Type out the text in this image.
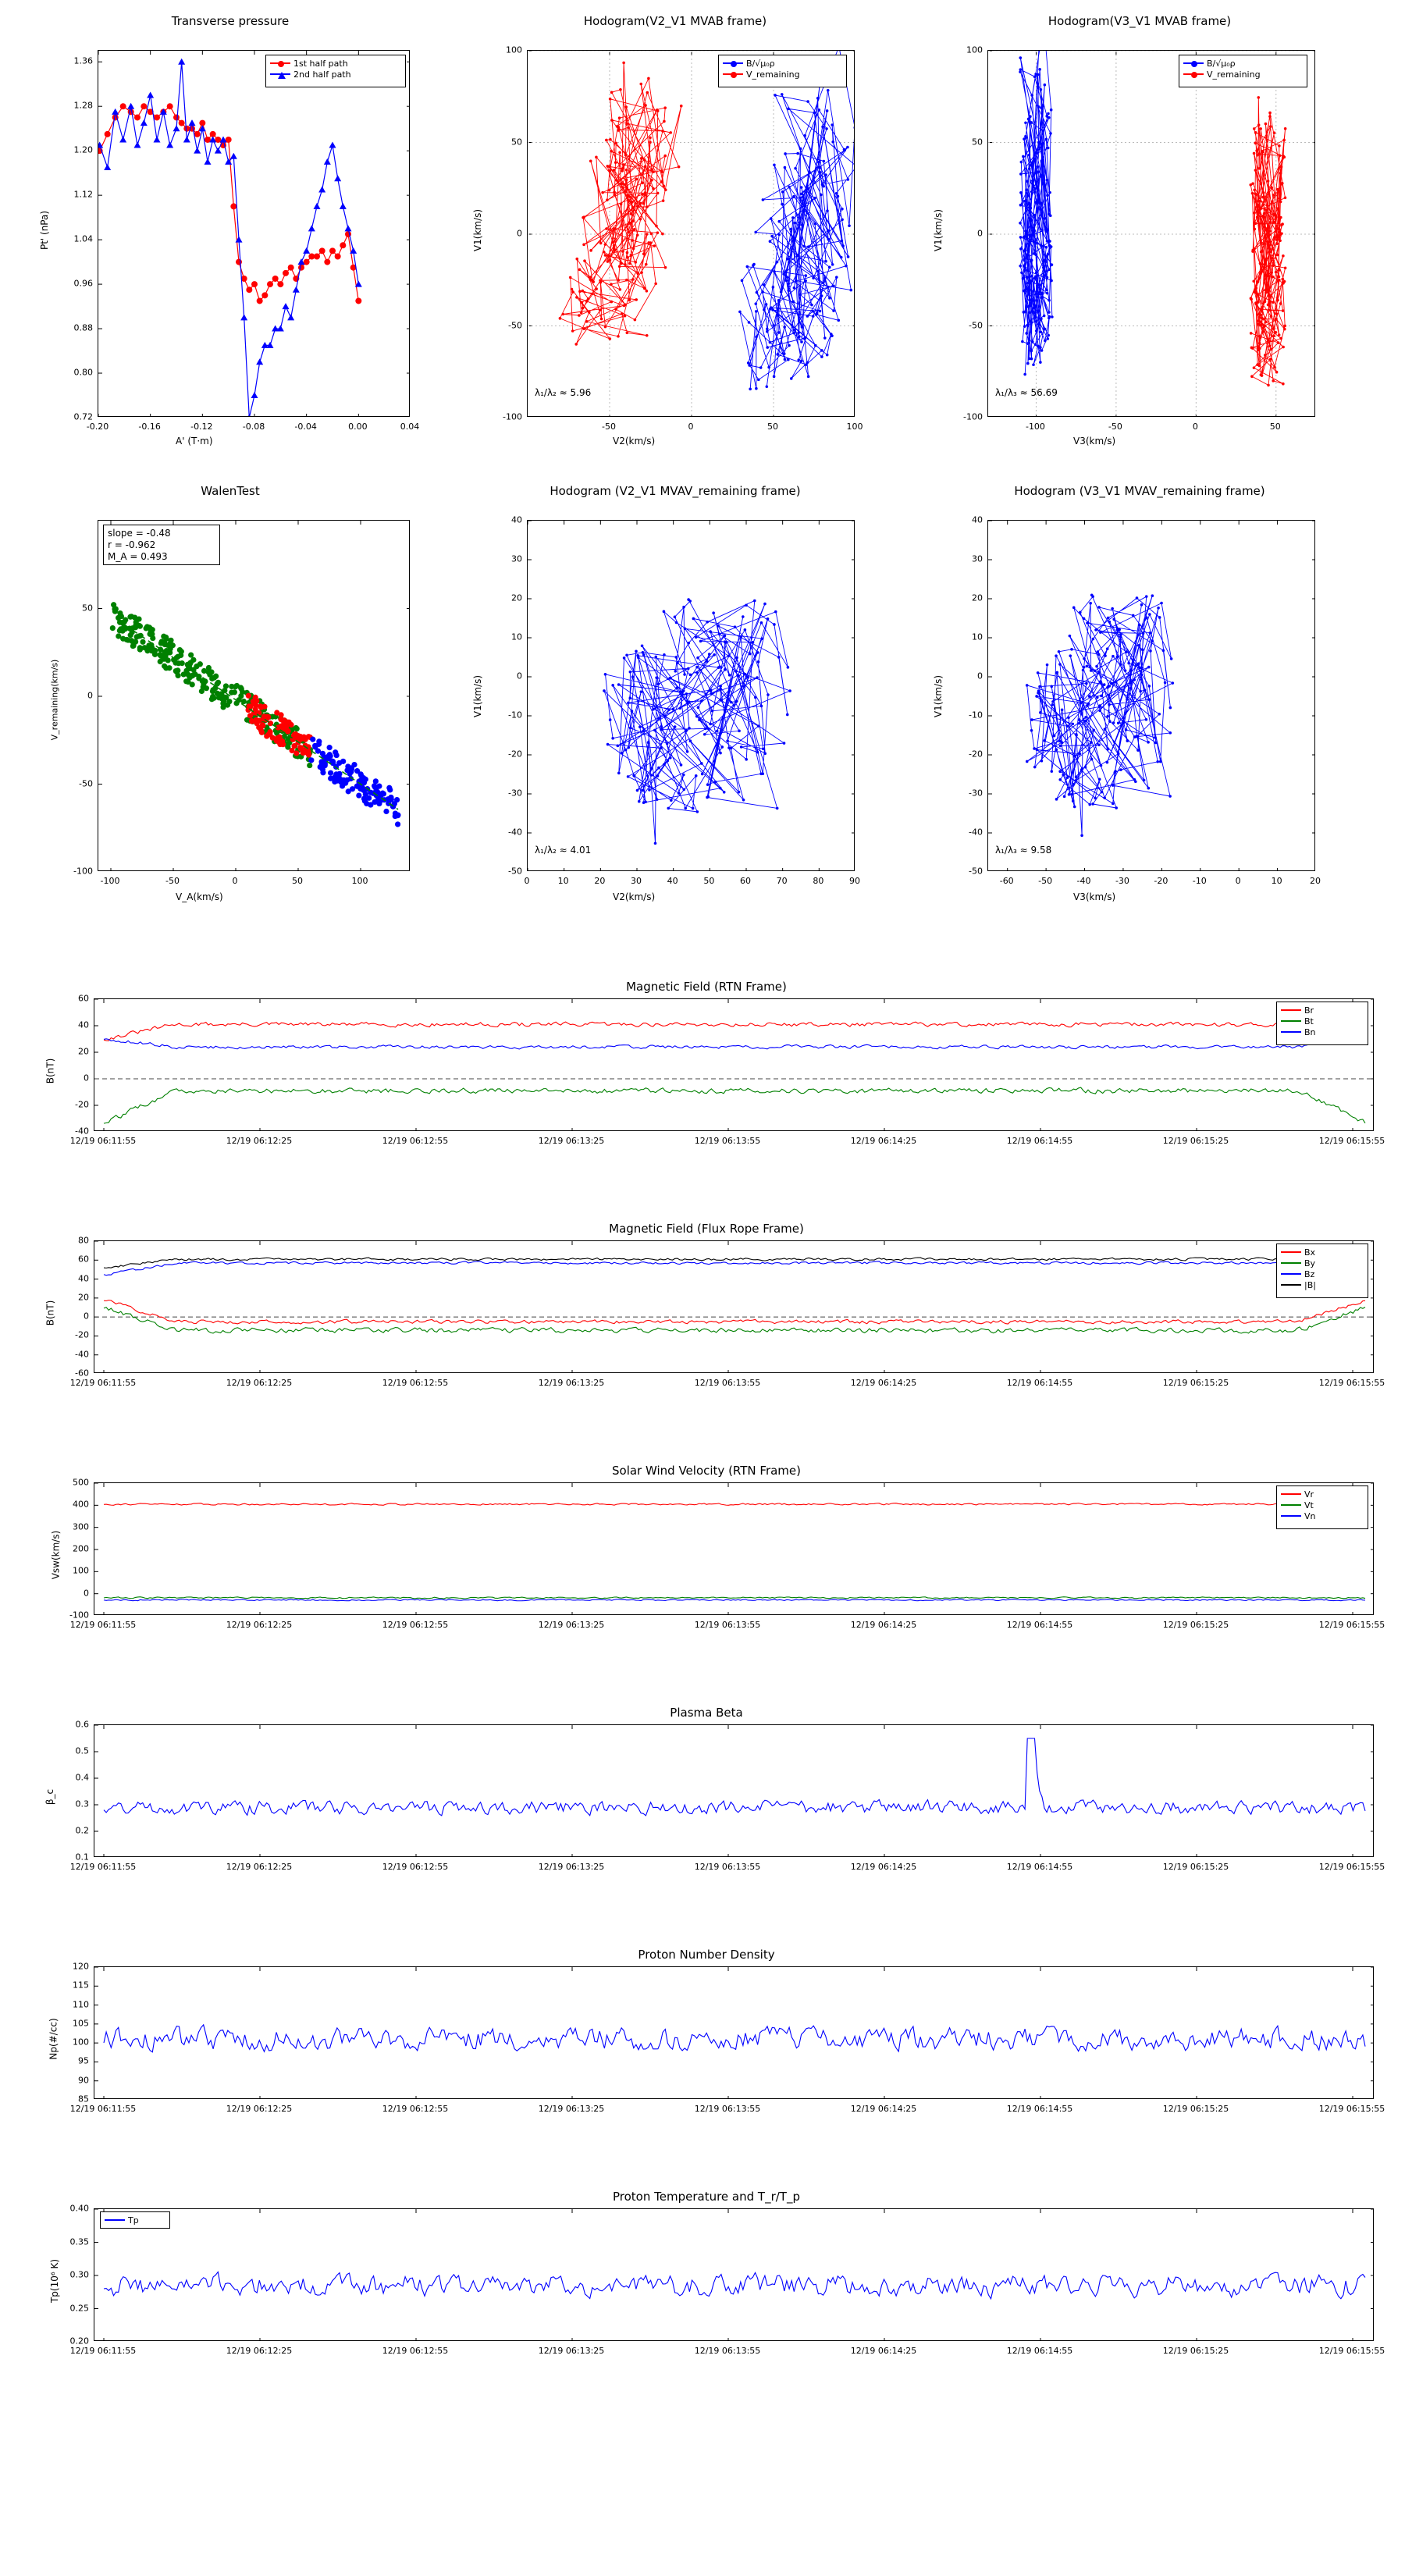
Transverse pressure
Pt' (nPa)
A' (T·m)
1st half path
2nd half path
-0.20	-0.16	-0.12	-0.08	-0.04	0.00	0.04
0.72
0.80
0.88
0.96
1.04
1.12
1.20
1.28
1.36
Hodogram(V2_V1 MVAB frame)
V1(km/s)
V2(km/s)
B/√μ₀ρ
V_remaining
λ₁/λ₂ ≈ 5.96
-50	0	50	100
-100
-50
0
50
100
Hodogram(V3_V1 MVAB frame)
V1(km/s)
V3(km/s)
B/√μ₀ρ
V_remaining
λ₁/λ₃ ≈ 56.69
-100	-50	0	50
-100
-50
0
50
100
WalenTest
V_remaining(km/s)
V_A(km/s)
slope = -0.48
r = -0.962
M_A = 0.493
-100	-50	0	50	100
-100
-50
0
50
Hodogram (V2_V1 MVAV_remaining frame)
V1(km/s)
V2(km/s)
λ₁/λ₂ ≈ 4.01
0	10	20	30	40	50	60	70	80	90
-50
-40
-30
-20
-10
0
10
20
30
40
Hodogram (V3_V1 MVAV_remaining frame)
V1(km/s)
V3(km/s)
λ₁/λ₃ ≈ 9.58
-60	-50	-40	-30	-20	-10	0	10	20
-50
-40
-30
-20
-10
0
10
20
30
40
Magnetic Field (RTN Frame)
B(nT)
Br
Bt
Bn
-40
-20
0
20
40
60
12/19 06:11:55	12/19 06:12:25	12/19 06:12:55	12/19 06:13:25	12/19 06:13:55	12/19 06:14:25	12/19 06:14:55	12/19 06:15:25	12/19 06:15:55
Magnetic Field (Flux Rope Frame)
B(nT)
Bx
By
Bz
|B|
-60
-40
-20
0
20
40
60
80
12/19 06:11:55	12/19 06:12:25	12/19 06:12:55	12/19 06:13:25	12/19 06:13:55	12/19 06:14:25	12/19 06:14:55	12/19 06:15:25	12/19 06:15:55
Solar Wind Velocity (RTN Frame)
Vsw(km/s)
Vr
Vt
Vn
-100
0
100
200
300
400
500
12/19 06:11:55	12/19 06:12:25	12/19 06:12:55	12/19 06:13:25	12/19 06:13:55	12/19 06:14:25	12/19 06:14:55	12/19 06:15:25	12/19 06:15:55
Plasma Beta
β_c
0.1
0.2
0.3
0.4
0.5
0.6
12/19 06:11:55	12/19 06:12:25	12/19 06:12:55	12/19 06:13:25	12/19 06:13:55	12/19 06:14:25	12/19 06:14:55	12/19 06:15:25	12/19 06:15:55
Proton Number Density
Np(#/cc)
85
90
95
100
105
110
115
120
12/19 06:11:55	12/19 06:12:25	12/19 06:12:55	12/19 06:13:25	12/19 06:13:55	12/19 06:14:25	12/19 06:14:55	12/19 06:15:25	12/19 06:15:55
Proton Temperature and T_r/T_p
Tp(10⁶ K)
Tp
0.20
0.25
0.30
0.35
0.40
12/19 06:11:55	12/19 06:12:25	12/19 06:12:55	12/19 06:13:25	12/19 06:13:55	12/19 06:14:25	12/19 06:14:55	12/19 06:15:25	12/19 06:15:55
